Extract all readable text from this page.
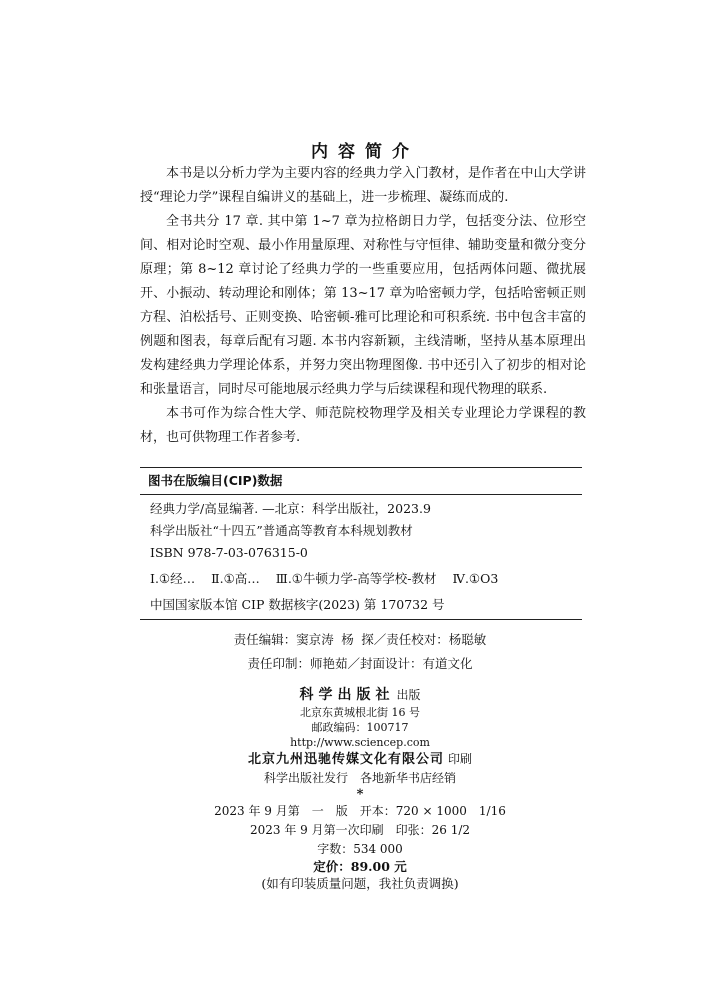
内容简介

本书是以分析力学为主要内容的经典力学入门教材，是作者在中山大学讲授“理论力学”课程自编讲义的基础上，进一步梳理、凝练而成的.

全书共分 17 章. 其中第 1~7 章为拉格朗日力学，包括变分法、位形空间、相对论时空观、最小作用量原理、对称性与守恒律、辅助变量和微分变分原理；第 8~12 章讨论了经典力学的一些重要应用，包括两体问题、微扰展开、小振动、转动理论和刚体；第 13~17 章为哈密顿力学，包括哈密顿正则方程、泊松括号、正则变换、哈密顿-雅可比理论和可积系统. 书中包含丰富的例题和图表，每章后配有习题. 本书内容新颖，主线清晰，坚持从基本原理出发构建经典力学理论体系，并努力突出物理图像. 书中还引入了初步的相对论和张量语言，同时尽可能地展示经典力学与后续课程和现代物理的联系.

本书可作为综合性大学、师范院校物理学及相关专业理论力学课程的教材，也可供物理工作者参考.

图书在版编目(CIP)数据
经典力学/高显编著. —北京：科学出版社，2023.9
科学出版社“十四五”普通高等教育本科规划教材
ISBN 978-7-03-076315-0
Ⅰ.①经… Ⅱ.①高… Ⅲ.①牛顿力学-高等学校-教材 Ⅳ.①O3
中国国家版本馆 CIP 数据核字(2023) 第 170732 号
责任编辑：窦京涛 杨 探／责任校对：杨聪敏
责任印制：师艳茹／封面设计：有道文化
科学出版社 出版
北京东黄城根北街 16 号
邮政编码：100717
http://www.sciencep.com
北京九州迅驰传媒文化有限公司 印刷
科学出版社发行 各地新华书店经销
*
2023 年 9 月第　一　版 开本：720 × 1000　1/16
2023 年 9 月第一次印刷 印张：26 1/2
字数：534 000
定价：89.00 元
(如有印装质量问题，我社负责调换)
